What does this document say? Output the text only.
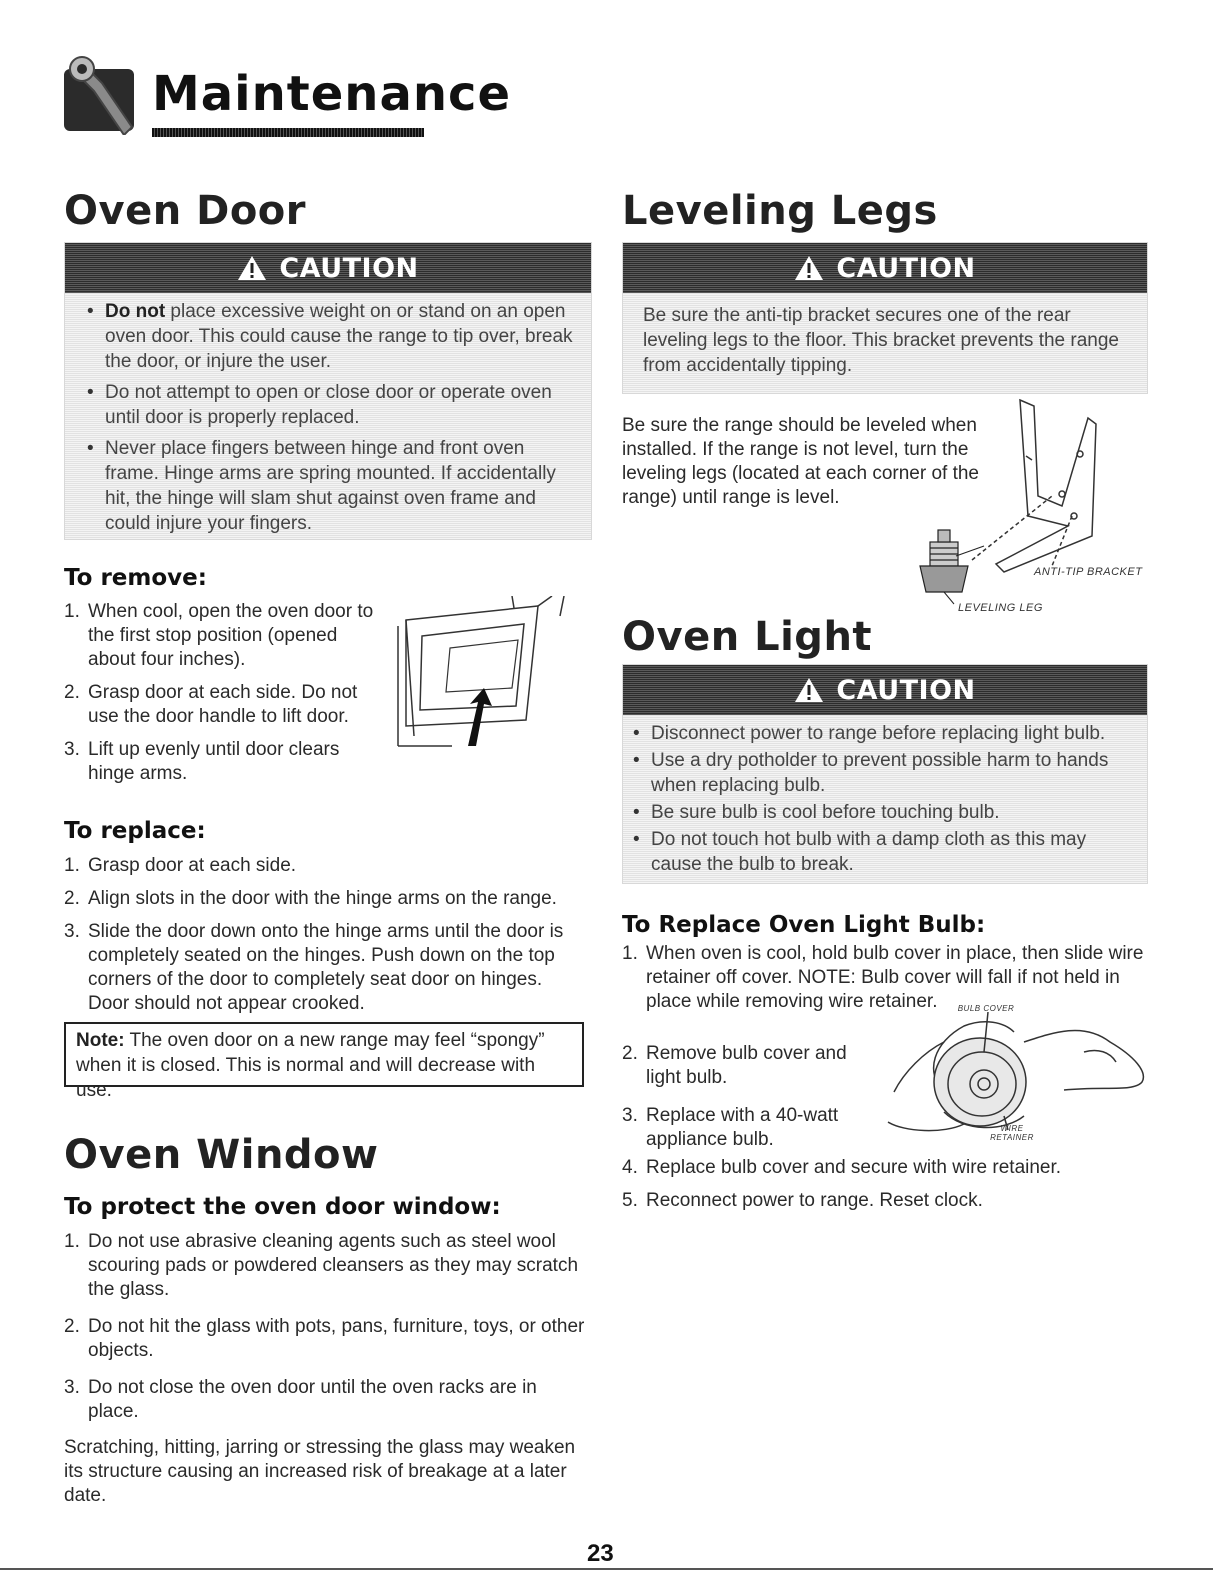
Maintenance
Oven Door
CAUTION
• Do not place excessive weight on or stand on an open oven door. This could cause the range to tip over, break the door, or injure the user.
• Do not attempt to open or close door or operate oven until door is properly replaced.
• Never place fingers between hinge and front oven frame. Hinge arms are spring mounted. If accidentally hit, the hinge will slam shut against oven frame and could injure your fingers.
To remove:
1. When cool, open the oven door to the first stop position (opened about four inches).
2. Grasp door at each side. Do not use the door handle to lift door.
3. Lift up evenly until door clears hinge arms.
To replace:
1. Grasp door at each side.
2. Align slots in the door with the hinge arms on the range.
3. Slide the door down onto the hinge arms until the door is completely seated on the hinges. Push down on the top corners of the door to completely seat door on hinges. Door should not appear crooked.
Note: The oven door on a new range may feel “spongy” when it is closed. This is normal and will decrease with use.
Oven Window
To protect the oven door window:
1. Do not use abrasive cleaning agents such as steel wool scouring pads or powdered cleansers as they may scratch the glass.
2. Do not hit the glass with pots, pans, furniture, toys, or other objects.
3. Do not close the oven door until the oven racks are in place.

Scratching, hitting, jarring or stressing the glass may weaken its structure causing an increased risk of breakage at a later date.

Leveling Legs
CAUTION

Be sure the anti-tip bracket secures one of the rear leveling legs to the floor. This bracket prevents the range from accidentally tipping.

Be sure the range should be leveled when installed. If the range is not level, turn the leveling legs (located at each corner of the range) until range is level.

ANTI-TIP BRACKET
LEVELING LEG
Oven Light
CAUTION
• Disconnect power to range before replacing light bulb.
• Use a dry potholder to prevent possible harm to hands when replacing bulb.
• Be sure bulb is cool before touching bulb.
• Do not touch hot bulb with a damp cloth as this may cause the bulb to break.
To Replace Oven Light Bulb:
1. When oven is cool, hold bulb cover in place, then slide wire retainer off cover. NOTE: Bulb cover will fall if not held in place while removing wire retainer.
2. Remove bulb cover and light bulb.
3. Replace with a 40-watt appliance bulb.
4. Replace bulb cover and secure with wire retainer.
5. Reconnect power to range. Reset clock.
BULB COVER
WIRE
RETAINER
23
